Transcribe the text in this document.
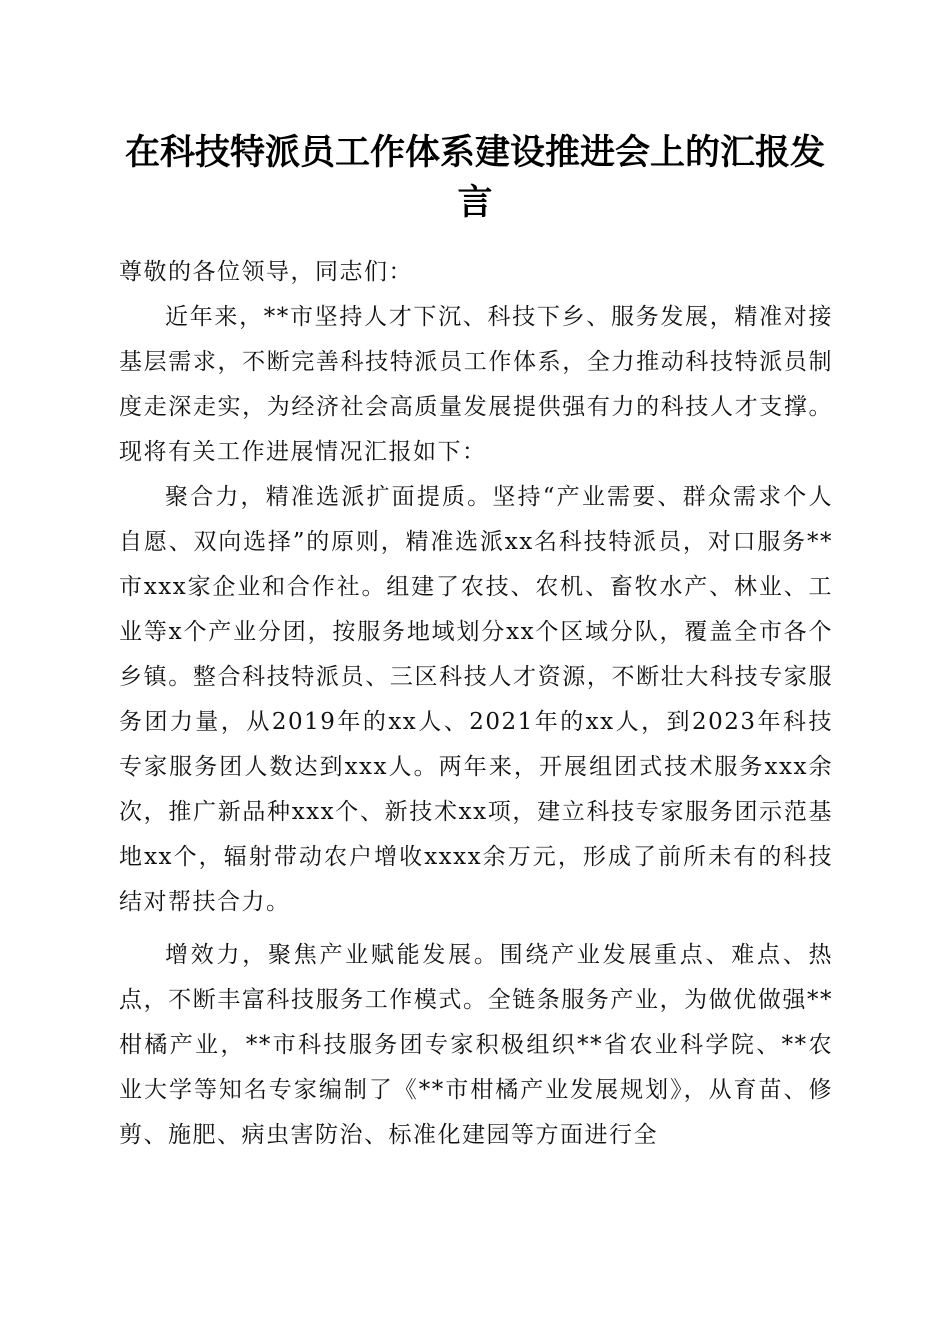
在科技特派员工作体系建设推进会上的汇报发言

尊敬的各位领导，同志们：

近年来，**市坚持人才下沉、科技下乡、服务发展，精准对接基层需求，不断完善科技特派员工作体系，全力推动科技特派员制度走深走实，为经济社会高质量发展提供强有力的科技人才支撑。现将有关工作进展情况汇报如下：

聚合力，精准选派扩面提质。坚持“产业需要、群众需求个人自愿、双向选择”的原则，精准选派xx名科技特派员，对口服务**市xxx家企业和合作社。组建了农技、农机、畜牧水产、林业、工业等x个产业分团，按服务地域划分xx个区域分队，覆盖全市各个乡镇。整合科技特派员、三区科技人才资源，不断壮大科技专家服务团力量，从2019年的xx人、2021年的xx人，到2023年科技专家服务团人数达到xxx人。两年来，开展组团式技术服务xxx余次，推广新品种xxx个、新技术xx项，建立科技专家服务团示范基地xx个，辐射带动农户增收xxxx余万元，形成了前所未有的科技结对帮扶合力。

增效力，聚焦产业赋能发展。围绕产业发展重点、难点、热点，不断丰富科技服务工作模式。全链条服务产业，为做优做强**柑橘产业，**市科技服务团专家积极组织**省农业科学院、**农业大学等知名专家编制了《**市柑橘产业发展规划》，从育苗、修剪、施肥、病虫害防治、标准化建园等方面进行全
